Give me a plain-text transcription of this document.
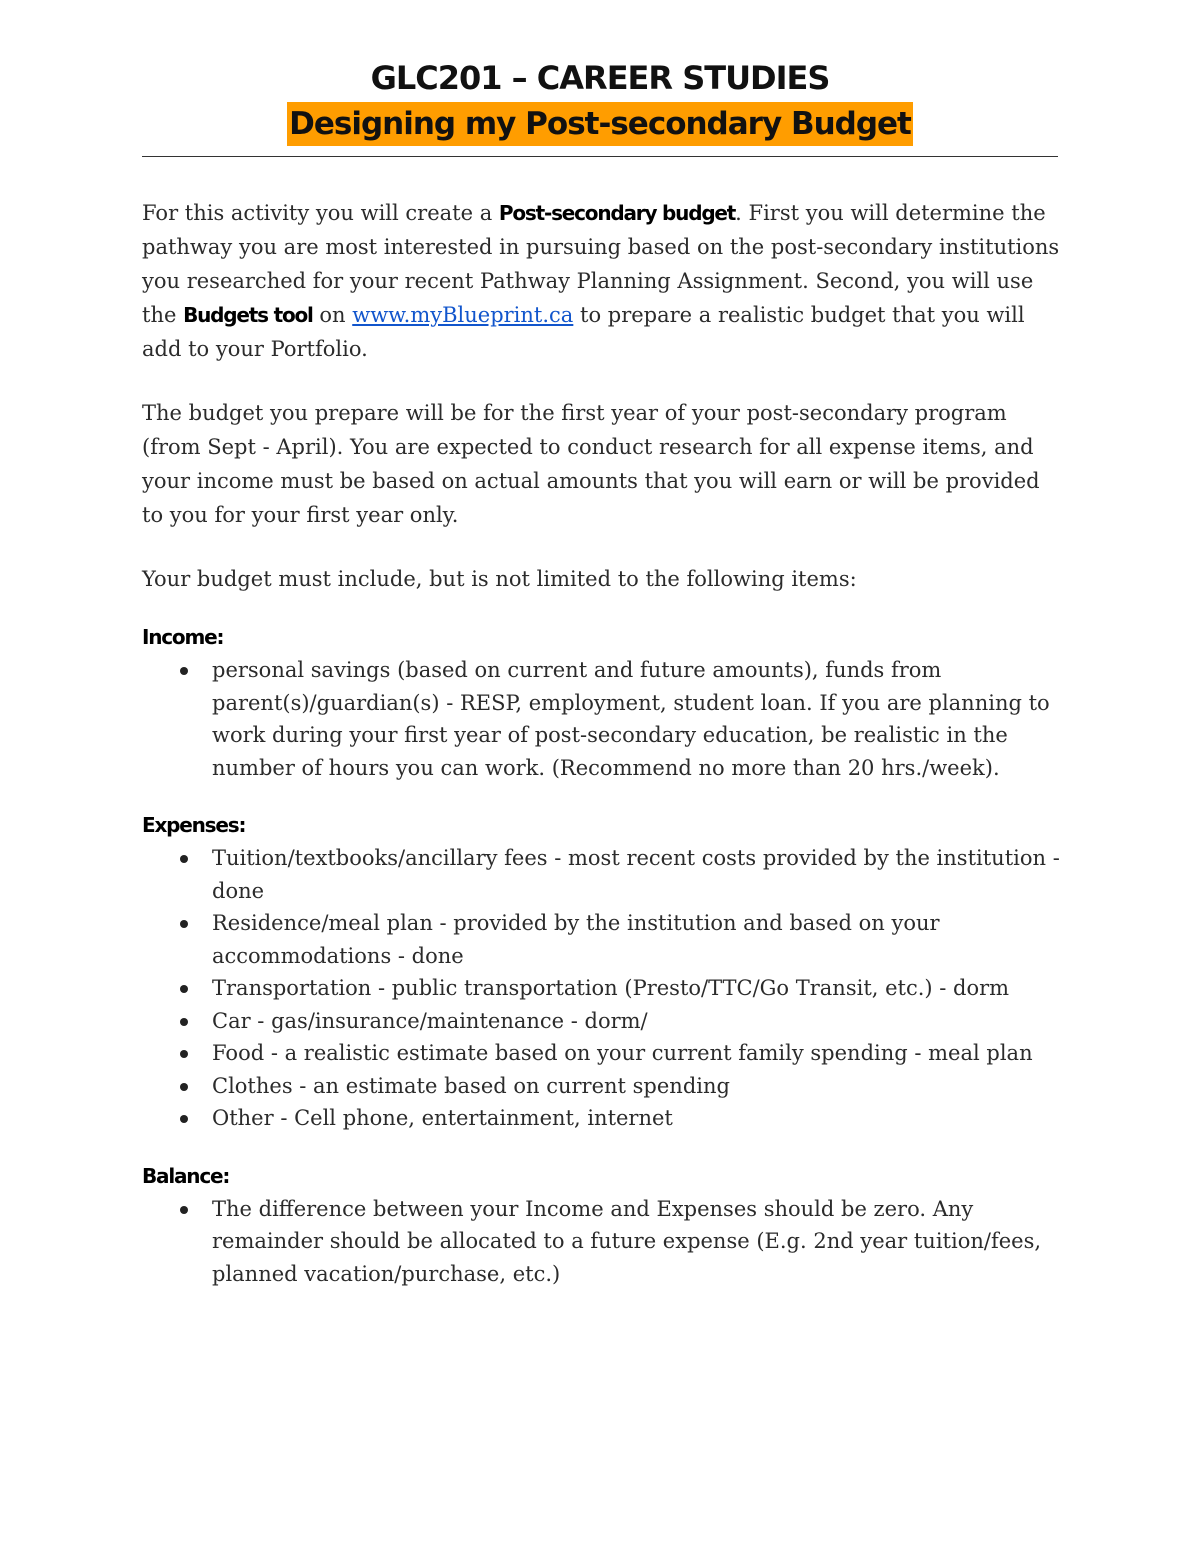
GLC201 – CAREER STUDIES
Designing my Post-secondary Budget

For this activity you will create a Post-secondary budget. First you will determine the pathway you are most interested in pursuing based on the post-secondary institutions you researched for your recent Pathway Planning Assignment. Second, you will use the Budgets tool on www.myBlueprint.ca to prepare a realistic budget that you will add to your Portfolio.

The budget you prepare will be for the first year of your post-secondary program (from Sept - April). You are expected to conduct research for all expense items, and your income must be based on actual amounts that you will earn or will be provided to you for your first year only.

Your budget must include, but is not limited to the following items:

Income:
personal savings (based on current and future amounts), funds from parent(s)/guardian(s) - RESP, employment, student loan. If you are planning to work during your first year of post-secondary education, be realistic in the number of hours you can work. (Recommend no more than 20 hrs./week).
Expenses:
Tuition/textbooks/ancillary fees - most recent costs provided by the institution - done
Residence/meal plan - provided by the institution and based on your accommodations - done
Transportation - public transportation (Presto/TTC/Go Transit, etc.) - dorm
Car - gas/insurance/maintenance - dorm/
Food - a realistic estimate based on your current family spending - meal plan
Clothes - an estimate based on current spending
Other - Cell phone, entertainment, internet
Balance:
The difference between your Income and Expenses should be zero. Any remainder should be allocated to a future expense (E.g. 2nd year tuition/fees, planned vacation/purchase, etc.)
